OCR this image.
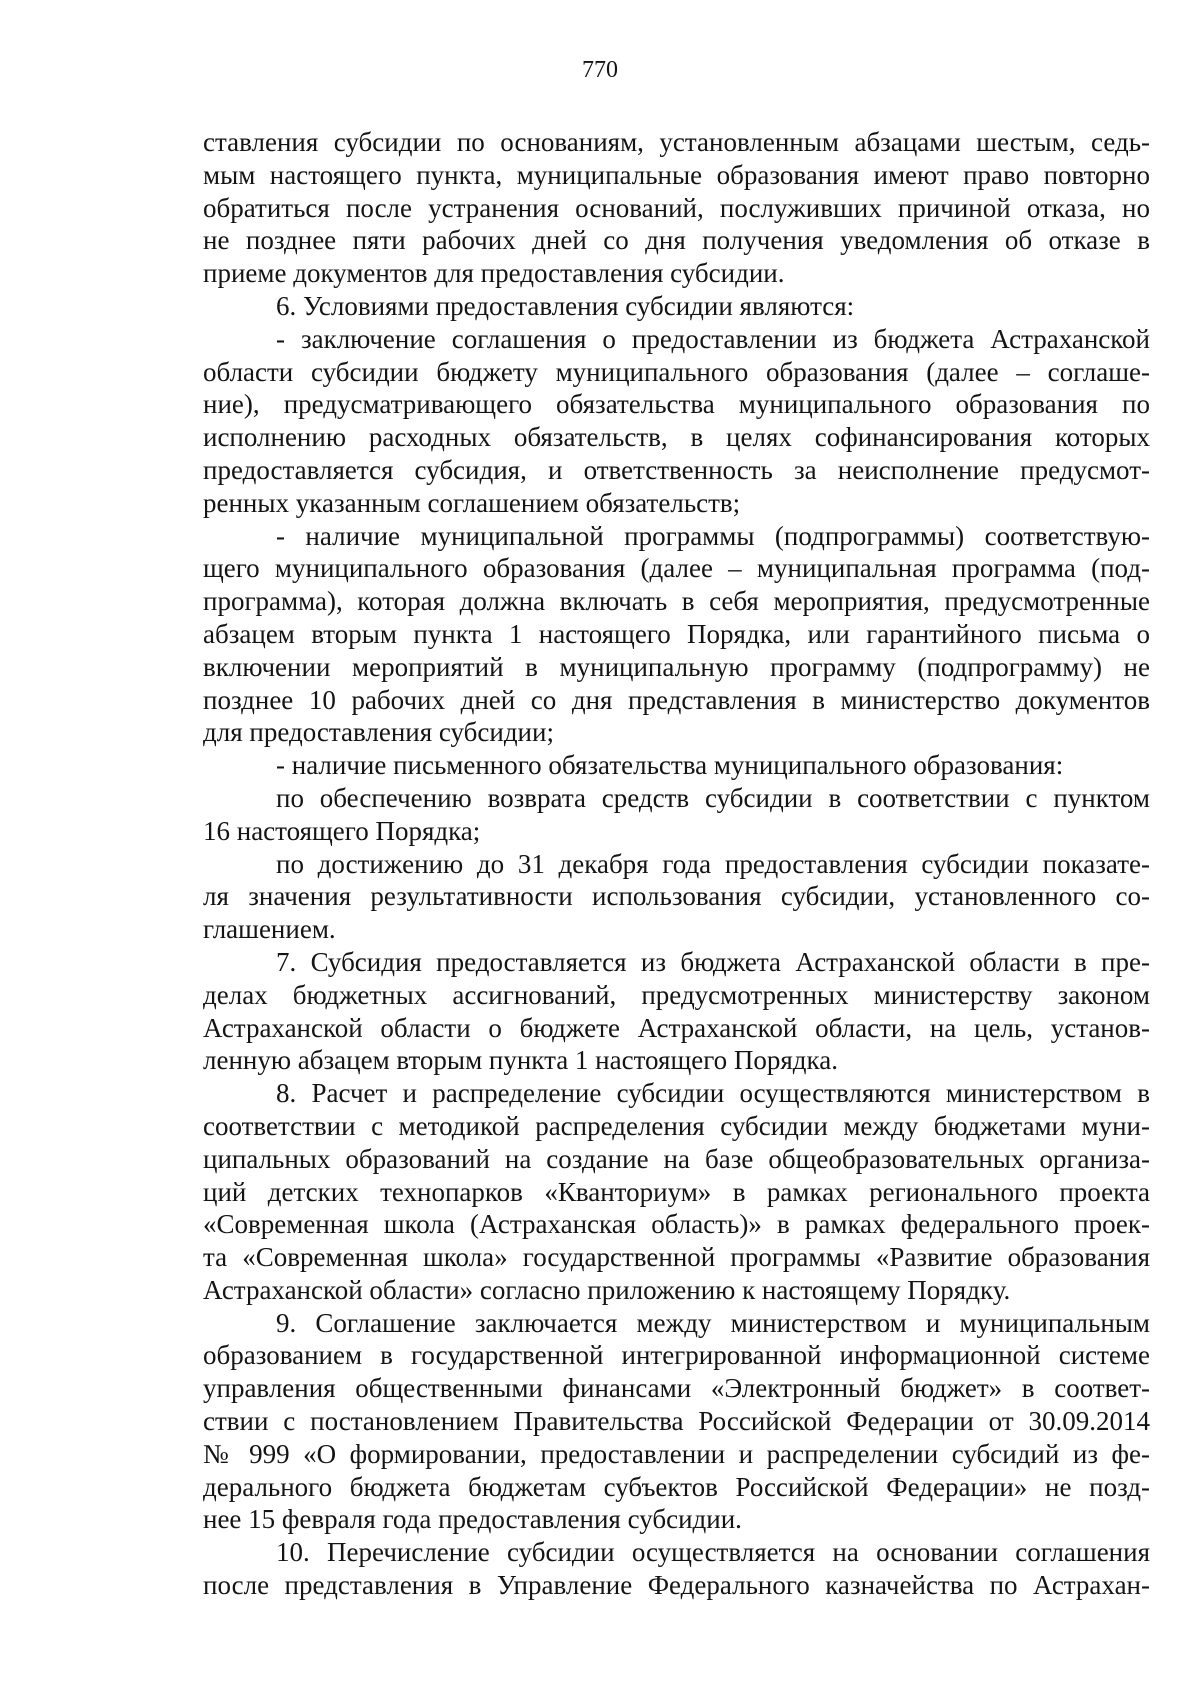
770
ставления субсидии по основаниям, установленным абзацами шестым, седь-
мым настоящего пункта, муниципальные образования имеют право повторно
обратиться после устранения оснований, послуживших причиной отказа, но
не позднее пяти рабочих дней со дня получения уведомления об отказе в
приеме документов для предоставления субсидии.
6. Условиями предоставления субсидии являются:
- заключение соглашения о предоставлении из бюджета Астраханской
области субсидии бюджету муниципального образования (далее – соглаше-
ние), предусматривающего обязательства муниципального образования по
исполнению расходных обязательств, в целях софинансирования которых
предоставляется субсидия, и ответственность за неисполнение предусмот-
ренных указанным соглашением обязательств;
- наличие муниципальной программы (подпрограммы) соответствую-
щего муниципального образования (далее – муниципальная программа (под-
программа), которая должна включать в себя мероприятия, предусмотренные
абзацем вторым пункта 1 настоящего Порядка, или гарантийного письма о
включении мероприятий в муниципальную программу (подпрограмму) не
позднее 10 рабочих дней со дня представления в министерство документов
для предоставления субсидии;
- наличие письменного обязательства муниципального образования:
по обеспечению возврата средств субсидии в соответствии с пунктом
16 настоящего Порядка;
по достижению до 31 декабря года предоставления субсидии показате-
ля значения результативности использования субсидии, установленного со-
глашением.
7. Субсидия предоставляется из бюджета Астраханской области в пре-
делах бюджетных ассигнований, предусмотренных министерству законом
Астраханской области о бюджете Астраханской области, на цель, установ-
ленную абзацем вторым пункта 1 настоящего Порядка.
8. Расчет и распределение субсидии осуществляются министерством в
соответствии с методикой распределения субсидии между бюджетами муни-
ципальных образований на создание на базе общеобразовательных организа-
ций детских технопарков «Кванториум» в рамках регионального проекта
«Современная школа (Астраханская область)» в рамках федерального проек-
та «Современная школа» государственной программы «Развитие образования
Астраханской области» согласно приложению к настоящему Порядку.
9. Соглашение заключается между министерством и муниципальным
образованием в государственной интегрированной информационной системе
управления общественными финансами «Электронный бюджет» в соответ-
ствии с постановлением Правительства Российской Федерации от 30.09.2014
№ 999 «О формировании, предоставлении и распределении субсидий из фе-
дерального бюджета бюджетам субъектов Российской Федерации» не позд-
нее 15 февраля года предоставления субсидии.
10. Перечисление субсидии осуществляется на основании соглашения
после представления в Управление Федерального казначейства по Астрахан-
